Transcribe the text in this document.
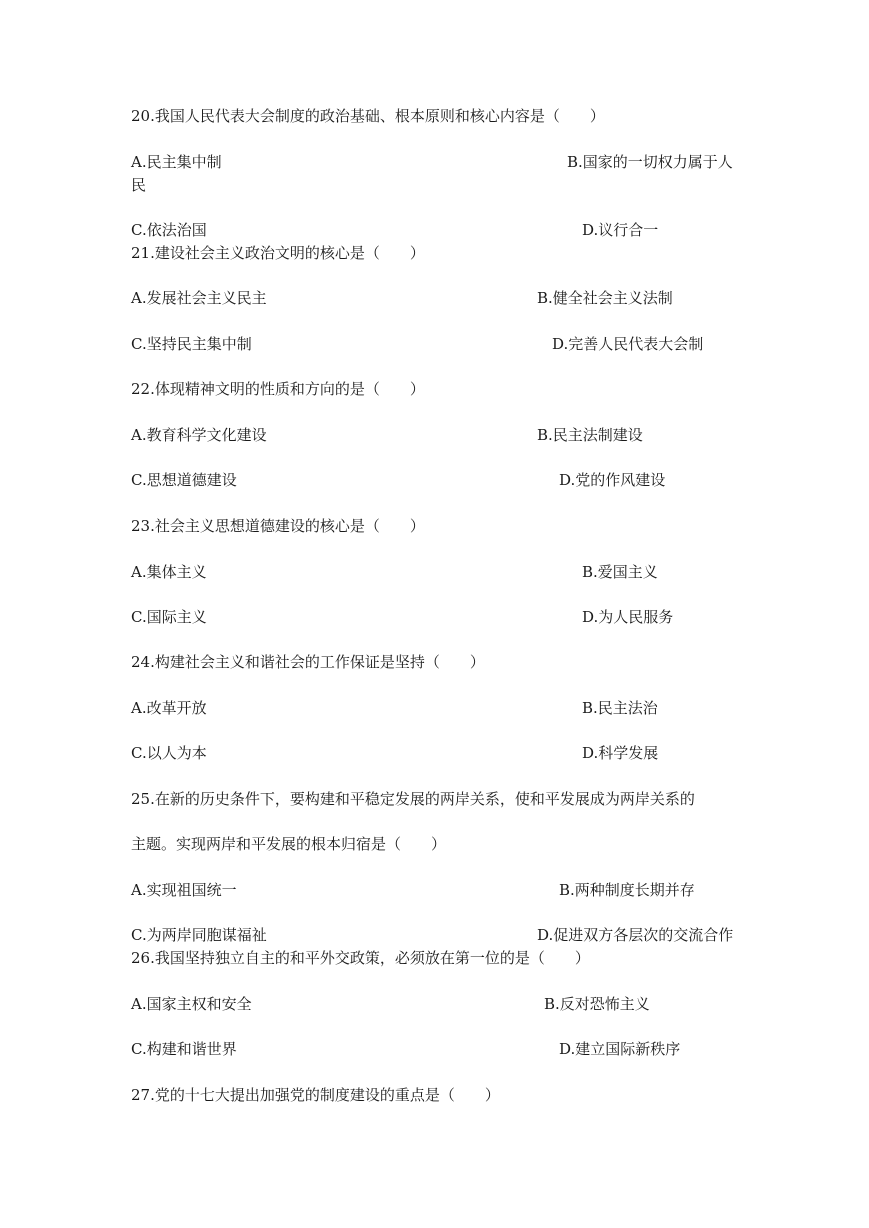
20.我国人民代表大会制度的政治基础、根本原则和核心内容是（　　）
A.民主集中制	B.国家的一切权力属于人
民
C.依法治国	D.议行合一
21.建设社会主义政治文明的核心是（　　）
A.发展社会主义民主	B.健全社会主义法制
C.坚持民主集中制	D.完善人民代表大会制
22.体现精神文明的性质和方向的是（　　）
A.教育科学文化建设	B.民主法制建设
C.思想道德建设	D.党的作风建设
23.社会主义思想道德建设的核心是（　　）
A.集体主义	B.爱国主义
C.国际主义	D.为人民服务
24.构建社会主义和谐社会的工作保证是坚持（　　）
A.改革开放	B.民主法治
C.以人为本	D.科学发展
25.在新的历史条件下，要构建和平稳定发展的两岸关系，使和平发展成为两岸关系的
主题。实现两岸和平发展的根本归宿是（　　）
A.实现祖国统一	B.两种制度长期并存
C.为两岸同胞谋福祉	D.促进双方各层次的交流合作
26.我国坚持独立自主的和平外交政策，必须放在第一位的是（　　）
A.国家主权和安全	B.反对恐怖主义
C.构建和谐世界	D.建立国际新秩序
27.党的十七大提出加强党的制度建设的重点是（　　）
